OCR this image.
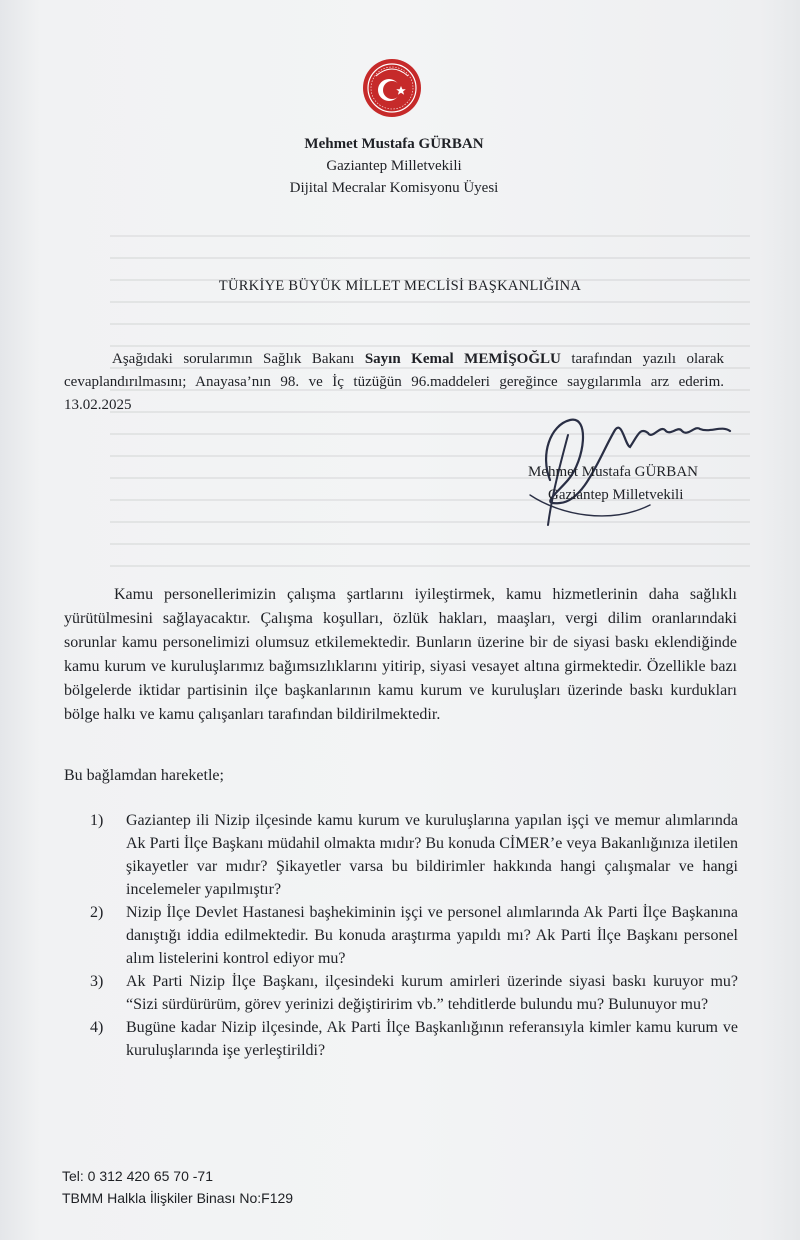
Mehmet Mustafa GÜRBAN
Gaziantep Milletvekili
Dijital Mecralar Komisyonu Üyesi
TÜRKİYE BÜYÜK MİLLET MECLİSİ BAŞKANLIĞINA
Aşağıdaki sorularımın Sağlık Bakanı Sayın Kemal MEMİŞOĞLU tarafından yazılı olarak cevaplandırılmasını; Anayasa’nın 98. ve İç tüzüğün 96.maddeleri gereğince saygılarımla arz ederim. 13.02.2025
Mehmet Mustafa GÜRBAN
Gaziantep Milletvekili
Kamu personellerimizin çalışma şartlarını iyileştirmek, kamu hizmetlerinin daha sağlıklı yürütülmesini sağlayacaktır. Çalışma koşulları, özlük hakları, maaşları, vergi dilim oranlarındaki sorunlar kamu personelimizi olumsuz etkilemektedir. Bunların üzerine bir de siyasi baskı eklendiğinde kamu kurum ve kuruluşlarımız bağımsızlıklarını yitirip, siyasi vesayet altına girmektedir. Özellikle bazı bölgelerde iktidar partisinin ilçe başkanlarının kamu kurum ve kuruluşları üzerinde baskı kurdukları bölge halkı ve kamu çalışanları tarafından bildirilmektedir.
Bu bağlamdan hareketle;
1) Gaziantep ili Nizip ilçesinde kamu kurum ve kuruluşlarına yapılan işçi ve memur alımlarında Ak Parti İlçe Başkanı müdahil olmakta mıdır? Bu konuda CİMER’e veya Bakanlığınıza iletilen şikayetler var mıdır? Şikayetler varsa bu bildirimler hakkında hangi çalışmalar ve hangi incelemeler yapılmıştır?
2) Nizip İlçe Devlet Hastanesi başhekiminin işçi ve personel alımlarında Ak Parti İlçe Başkanına danıştığı iddia edilmektedir. Bu konuda araştırma yapıldı mı? Ak Parti İlçe Başkanı personel alım listelerini kontrol ediyor mu?
3) Ak Parti Nizip İlçe Başkanı, ilçesindeki kurum amirleri üzerinde siyasi baskı kuruyor mu? “Sizi sürdürürüm, görev yerinizi değiştiririm vb.” tehditlerde bulundu mu? Bulunuyor mu?
4) Bugüne kadar Nizip ilçesinde, Ak Parti İlçe Başkanlığının referansıyla kimler kamu kurum ve kuruluşlarında işe yerleştirildi?
Tel: 0 312 420 65 70 -71
TBMM Halkla İlişkiler Binası No:F129
